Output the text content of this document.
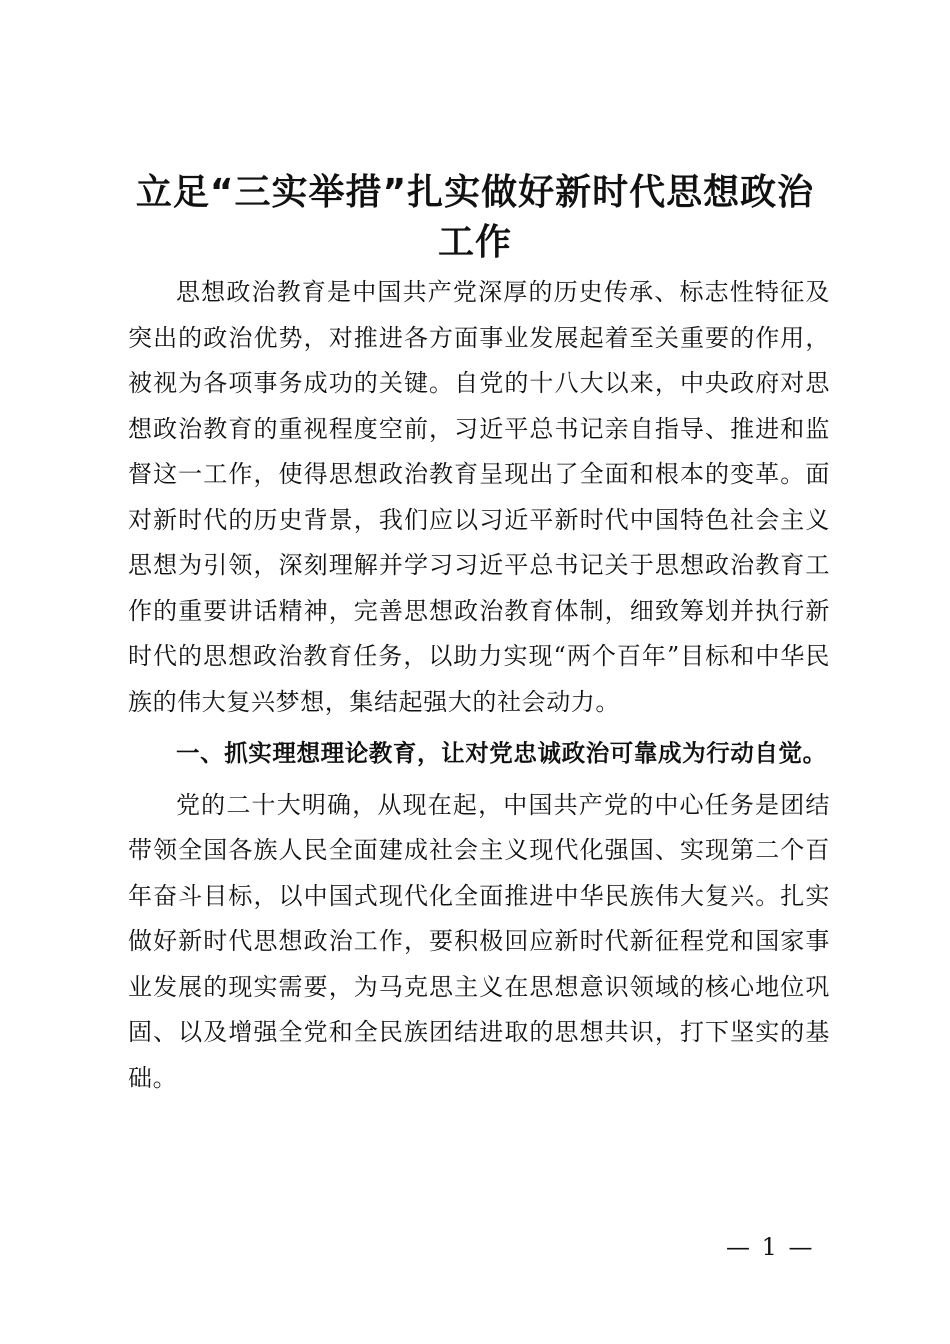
立足“三实举措”扎实做好新时代思想政治工作

思想政治教育是中国共产党深厚的历史传承、标志性特征及突出的政治优势，对推进各方面事业发展起着至关重要的作用，被视为各项事务成功的关键。自党的十八大以来，中央政府对思想政治教育的重视程度空前，习近平总书记亲自指导、推进和监督这一工作，使得思想政治教育呈现出了全面和根本的变革。面对新时代的历史背景，我们应以习近平新时代中国特色社会主义思想为引领，深刻理解并学习习近平总书记关于思想政治教育工作的重要讲话精神，完善思想政治教育体制，细致筹划并执行新时代的思想政治教育任务，以助力实现“两个百年”目标和中华民族的伟大复兴梦想，集结起强大的社会动力。

一、抓实理想理论教育，让对党忠诚政治可靠成为行动自觉。

党的二十大明确，从现在起，中国共产党的中心任务是团结带领全国各族人民全面建成社会主义现代化强国、实现第二个百年奋斗目标，以中国式现代化全面推进中华民族伟大复兴。扎实做好新时代思想政治工作，要积极回应新时代新征程党和国家事业发展的现实需要，为马克思主义在思想意识领域的核心地位巩固、以及增强全党和全民族团结进取的思想共识，打下坚实的基础。

— 1 —
